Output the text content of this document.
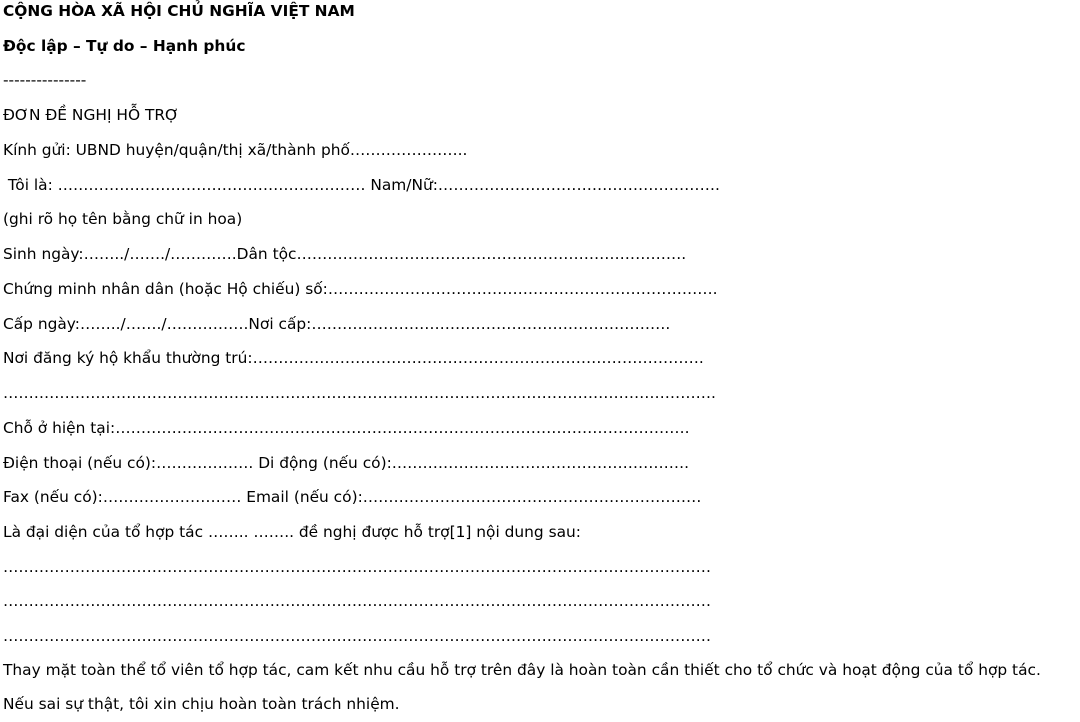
CỘNG HÒA XÃ HỘI CHỦ NGHĨA VIỆT NAM
Độc lập – Tự do – Hạnh phúc
---------------
ĐƠN ĐỀ NGHỊ HỖ TRỢ
Kính gửi: UBND huyện/quận/thị xã/thành phố…………………..
Tôi là: …………………………………………………… Nam/Nữ:……………………………………………….
(ghi rõ họ tên bằng chữ in hoa)
Sinh ngày:……../……./………….Dân tộc………………………………………………………………….
Chứng minh nhân dân (hoặc Hộ chiếu) số:………………………………………………………………….
Cấp ngày:……../……./…………….Nơi cấp:…………………………………………………………….
Nơi đăng ký hộ khẩu thường trú:…………………………………………………………………………….
………………………………………………………………………………………………………………………….
Chỗ ở hiện tại:………………………………………………………………………………………………….
Điện thoại (nếu có):………………. Di động (nếu có):………………………………………………….
Fax (nếu có):……………………… Email (nếu có):…………………………………………………………
Là đại diện của tổ hợp tác …….. …….. đề nghị được hỗ trợ[1] nội dung sau:
…………………………………………………………………………………………………………………………
…………………………………………………………………………………………………………………………
…………………………………………………………………………………………………………………………
Thay mặt toàn thể tổ viên tổ hợp tác, cam kết nhu cầu hỗ trợ trên đây là hoàn toàn cần thiết cho tổ chức và hoạt động của tổ hợp tác.
Nếu sai sự thật, tôi xin chịu hoàn toàn trách nhiệm.
